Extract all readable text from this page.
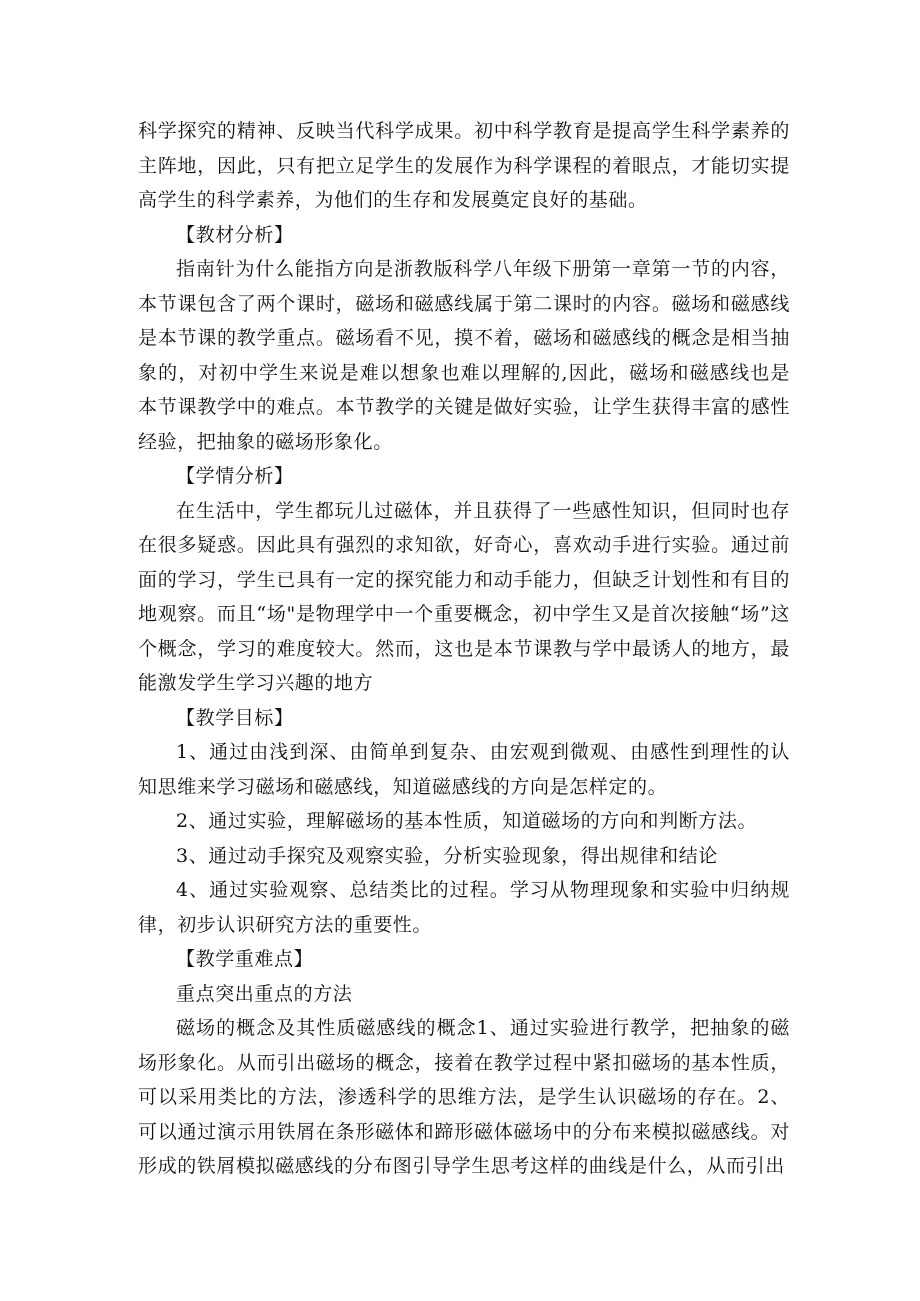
科学探究的精神、反映当代科学成果。初中科学教育是提高学生科学素养的主阵地，因此，只有把立足学生的发展作为科学课程的着眼点，才能切实提高学生的科学素养，为他们的生存和发展奠定良好的基础。

【教材分析】

指南针为什么能指方向是浙教版科学八年级下册第一章第一节的内容，本节课包含了两个课时，磁场和磁感线属于第二课时的内容。磁场和磁感线是本节课的教学重点。磁场看不见，摸不着，磁场和磁感线的概念是相当抽象的，对初中学生来说是难以想象也难以理解的,因此，磁场和磁感线也是本节课教学中的难点。本节教学的关键是做好实验，让学生获得丰富的感性经验，把抽象的磁场形象化。

【学情分析】

在生活中，学生都玩儿过磁体，并且获得了一些感性知识，但同时也存在很多疑惑。因此具有强烈的求知欲，好奇心，喜欢动手进行实验。通过前面的学习，学生已具有一定的探究能力和动手能力，但缺乏计划性和有目的地观察。而且“场"是物理学中一个重要概念，初中学生又是首次接触“场”这个概念，学习的难度较大。然而，这也是本节课教与学中最诱人的地方，最能激发学生学习兴趣的地方

【教学目标】

1、通过由浅到深、由简单到复杂、由宏观到微观、由感性到理性的认知思维来学习磁场和磁感线，知道磁感线的方向是怎样定的。

2、通过实验，理解磁场的基本性质，知道磁场的方向和判断方法。

3、通过动手探究及观察实验，分析实验现象，得出规律和结论

4、通过实验观察、总结类比的过程。学习从物理现象和实验中归纳规律，初步认识研究方法的重要性。

【教学重难点】

重点突出重点的方法

磁场的概念及其性质磁感线的概念1、通过实验进行教学，把抽象的磁场形象化。从而引出磁场的概念，接着在教学过程中紧扣磁场的基本性质，可以采用类比的方法，渗透科学的思维方法，是学生认识磁场的存在。2、可以通过演示用铁屑在条形磁体和蹄形磁体磁场中的分布来模拟磁感线。对形成的铁屑模拟磁感线的分布图引导学生思考这样的曲线是什么，从而引出
